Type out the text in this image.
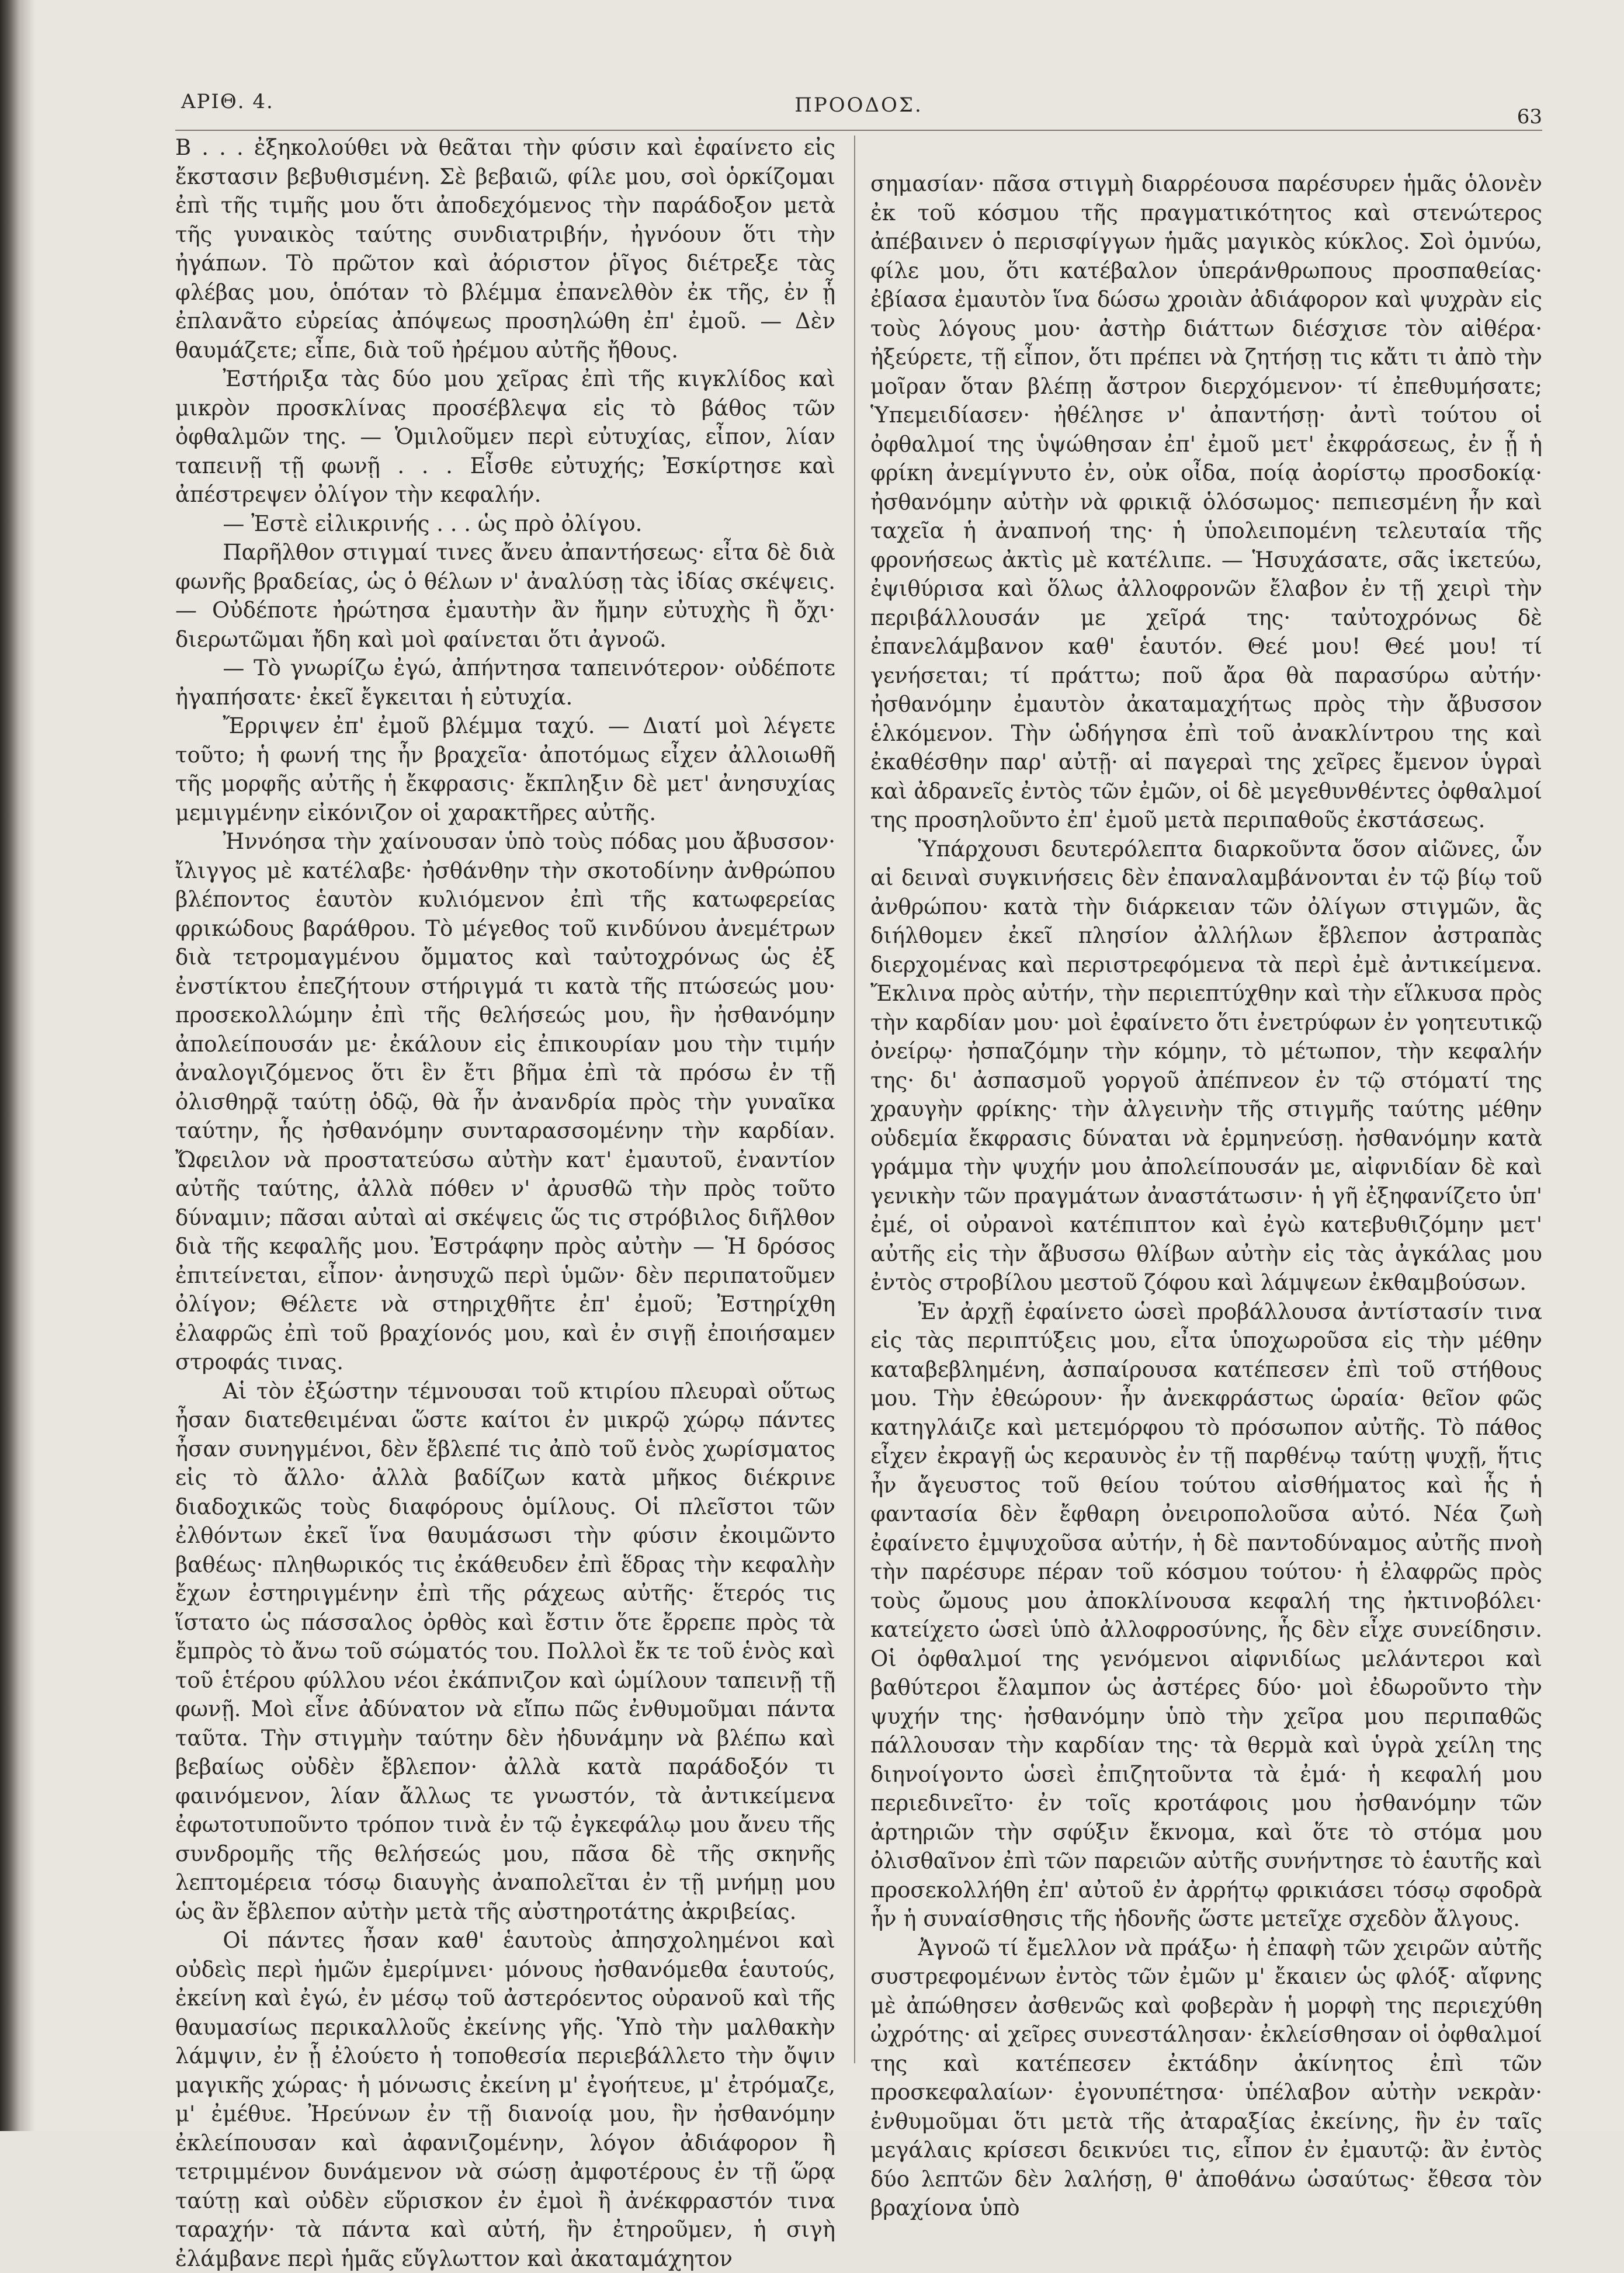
ΑΡΙΘ. 4.	ΠΡΟΟΔΟΣ.	63

Β . . . ἐξηκολούθει νὰ θεᾶται τὴν φύσιν καὶ ἐφαίνετο εἰς ἔκστασιν βεβυθισμένη. Σὲ βεβαιῶ, φίλε μου, σοὶ ὁρκίζομαι ἐπὶ τῆς τιμῆς μου ὅτι ἀποδεχόμενος τὴν παράδοξον μετὰ τῆς γυναικὸς ταύτης συνδιατριβήν, ἠγνόουν ὅτι τὴν ἠγάπων. Τὸ πρῶτον καὶ ἀόριστον ῥῖγος διέτρεξε τὰς φλέβας μου, ὁπόταν τὸ βλέμμα ἐπανελθὸν ἐκ τῆς, ἐν ᾗ ἐπλανᾶτο εὐρείας ἀπόψεως προσηλώθη ἐπ' ἐμοῦ. — Δὲν θαυμάζετε; εἶπε, διὰ τοῦ ἠρέμου αὐτῆς ἤθους.

Ἐστήριξα τὰς δύο μου χεῖρας ἐπὶ τῆς κιγκλίδος καὶ μικρὸν προσκλίνας προσέβλεψα εἰς τὸ βάθος τῶν ὀφθαλμῶν της. — Ὁμιλοῦμεν περὶ εὐτυχίας, εἶπον, λίαν ταπεινῇ τῇ φωνῇ . . . Εἶσθε εὐτυχής; Ἐσκίρτησε καὶ ἀπέστρεψεν ὀλίγον τὴν κεφαλήν.

— Ἐστὲ εἰλικρινής . . . ὡς πρὸ ὀλίγου.

Παρῆλθον στιγμαί τινες ἄνευ ἀπαντήσεως· εἶτα δὲ διὰ φωνῆς βραδείας, ὡς ὁ θέλων ν' ἀναλύσῃ τὰς ἰδίας σκέψεις. — Οὐδέποτε ἠρώτησα ἐμαυτὴν ἂν ἤμην εὐτυχὴς ἢ ὄχι· διερωτῶμαι ἤδη καὶ μοὶ φαίνεται ὅτι ἀγνοῶ.

— Τὸ γνωρίζω ἐγώ, ἀπήντησα ταπεινότερον· οὐδέποτε ἠγαπήσατε· ἐκεῖ ἔγκειται ἡ εὐτυχία.

Ἔρριψεν ἐπ' ἐμοῦ βλέμμα ταχύ. — Διατί μοὶ λέγετε τοῦτο; ἡ φωνή της ἦν βραχεῖα· ἀποτόμως εἶχεν ἀλλοιωθῆ τῆς μορφῆς αὐτῆς ἡ ἔκφρασις· ἔκπληξιν δὲ μετ' ἀνησυχίας μεμιγμένην εἰκόνιζον οἱ χαρακτῆρες αὐτῆς.

Ἠννόησα τὴν χαίνουσαν ὑπὸ τοὺς πόδας μου ἄβυσσον· ἴλιγγος μὲ κατέλαβε· ἠσθάνθην τὴν σκοτοδίνην ἀνθρώπου βλέποντος ἑαυτὸν κυλιόμενον ἐπὶ τῆς κατωφερείας φρικώδους βαράθρου. Τὸ μέγεθος τοῦ κινδύνου ἀνεμέτρων διὰ τετρομαγμένου ὄμματος καὶ ταὐτοχρόνως ὡς ἐξ ἐνστίκτου ἐπεζήτουν στήριγμά τι κατὰ τῆς πτώσεώς μου· προσεκολλώμην ἐπὶ τῆς θελήσεώς μου, ἣν ἠσθανόμην ἀπολείπουσάν με· ἐκάλουν εἰς ἐπικουρίαν μου τὴν τιμήν ἀναλογιζόμενος ὅτι ἓν ἔτι βῆμα ἐπὶ τὰ πρόσω ἐν τῇ ὀλισθηρᾷ ταύτῃ ὁδῷ, θὰ ἦν ἀνανδρία πρὸς τὴν γυναῖκα ταύτην, ἧς ἠσθανόμην συνταρασσομένην τὴν καρδίαν. Ὤφειλον νὰ προστατεύσω αὐτὴν κατ' ἐμαυτοῦ, ἐναντίον αὐτῆς ταύτης, ἀλλὰ πόθεν ν' ἀρυσθῶ τὴν πρὸς τοῦτο δύναμιν; πᾶσαι αὐταὶ αἱ σκέψεις ὥς τις στρόβιλος διῆλθον διὰ τῆς κεφαλῆς μου. Ἐστράφην πρὸς αὐτὴν — Ἡ δρόσος ἐπιτείνεται, εἶπον· ἀνησυχῶ περὶ ὑμῶν· δὲν περιπατοῦμεν ὀλίγον; Θέλετε νὰ στηριχθῆτε ἐπ' ἐμοῦ; Ἐστηρίχθη ἐλαφρῶς ἐπὶ τοῦ βραχίονός μου, καὶ ἐν σιγῇ ἐποιήσαμεν στροφάς τινας.

Αἱ τὸν ἐξώστην τέμνουσαι τοῦ κτιρίου πλευραὶ οὕτως ἦσαν διατεθειμέναι ὥστε καίτοι ἐν μικρῷ χώρῳ πάντες ἦσαν συνηγμένοι, δὲν ἔβλεπέ τις ἀπὸ τοῦ ἑνὸς χωρίσματος εἰς τὸ ἄλλο· ἀλλὰ βαδίζων κατὰ μῆκος διέκρινε διαδοχικῶς τοὺς διαφόρους ὁμίλους. Οἱ πλεῖστοι τῶν ἐλθόντων ἐκεῖ ἵνα θαυμάσωσι τὴν φύσιν ἐκοιμῶντο βαθέως· πληθωρικός τις ἐκάθευδεν ἐπὶ ἕδρας τὴν κεφαλὴν ἔχων ἐστηριγμένην ἐπὶ τῆς ράχεως αὐτῆς· ἕτερός τις ἵστατο ὡς πάσσαλος ὀρθὸς καὶ ἔστιν ὅτε ἔρρεπε πρὸς τὰ ἔμπρὸς τὸ ἄνω τοῦ σώματός του. Πολλοὶ ἔκ τε τοῦ ἑνὸς καὶ τοῦ ἑτέρου φύλλου νέοι ἐκάπνιζον καὶ ὡμίλουν ταπεινῇ τῇ φωνῇ. Μοὶ εἶνε ἀδύνατον νὰ εἴπω πῶς ἐνθυμοῦμαι πάντα ταῦτα. Τὴν στιγμὴν ταύτην δὲν ἠδυνάμην νὰ βλέπω καὶ βεβαίως οὐδὲν ἔβλεπον· ἀλλὰ κατὰ παράδοξόν τι φαινόμενον, λίαν ἄλλως τε γνωστόν, τὰ ἀντικείμενα ἐφωτοτυποῦντο τρόπον τινὰ ἐν τῷ ἐγκεφάλῳ μου ἄνευ τῆς συνδρομῆς τῆς θελήσεώς μου, πᾶσα δὲ τῆς σκηνῆς λεπτομέρεια τόσῳ διαυγὴς ἀναπολεῖται ἐν τῇ μνήμῃ μου ὡς ἂν ἔβλεπον αὐτὴν μετὰ τῆς αὐστηροτάτης ἀκριβείας.

Οἱ πάντες ἦσαν καθ' ἑαυτοὺς ἀπησχολημένοι καὶ οὐδεὶς περὶ ἡμῶν ἐμερίμνει· μόνους ἠσθανόμεθα ἑαυτούς, ἐκείνη καὶ ἐγώ, ἐν μέσῳ τοῦ ἀστερόεντος οὐρανοῦ καὶ τῆς θαυμασίως περικαλλοῦς ἐκείνης γῆς. Ὑπὸ τὴν μαλθακὴν λάμψιν, ἐν ᾗ ἐλούετο ἡ τοποθεσία περιεβάλλετο τὴν ὄψιν μαγικῆς χώρας· ἡ μόνωσις ἐκείνη μ' ἐγοήτευε, μ' ἐτρόμαζε, μ' ἐμέθυε. Ἠρεύνων ἐν τῇ διανοίᾳ μου, ἣν ἠσθανόμην ἐκλείπουσαν καὶ ἀφανιζομένην, λόγον ἀδιάφορον ἢ τετριμμένον δυνάμενον νὰ σώσῃ ἀμφοτέρους ἐν τῇ ὥρᾳ ταύτῃ καὶ οὐδὲν εὕρισκον ἐν ἐμοὶ ἢ ἀνέκφραστόν τινα ταραχήν· τὰ πάντα καὶ αὐτή, ἣν ἐτηροῦμεν, ἡ σιγὴ ἐλάμβανε περὶ ἡμᾶς εὔγλωττον καὶ ἀκαταμάχητον

σημασίαν· πᾶσα στιγμὴ διαρρέουσα παρέσυρεν ἡμᾶς ὁλονὲν ἐκ τοῦ κόσμου τῆς πραγματικότητος καὶ στενώτερος ἀπέβαινεν ὁ περισφίγγων ἡμᾶς μαγικὸς κύκλος. Σοὶ ὀμνύω, φίλε μου, ὅτι κατέβαλον ὑπεράνθρωπους προσπαθείας· ἐβίασα ἐμαυτὸν ἵνα δώσω χροιὰν ἀδιάφορον καὶ ψυχρὰν εἰς τοὺς λόγους μου· ἀστὴρ διάττων διέσχισε τὸν αἰθέρα· ἠξεύρετε, τῇ εἶπον, ὅτι πρέπει νὰ ζητήσῃ τις κἄτι τι ἀπὸ τὴν μοῖραν ὅταν βλέπῃ ἄστρον διερχόμενον· τί ἐπεθυμήσατε; Ὑπεμειδίασεν· ἠθέλησε ν' ἀπαντήσῃ· ἀντὶ τούτου οἱ ὀφθαλμοί της ὑψώθησαν ἐπ' ἐμοῦ μετ' ἐκφράσεως, ἐν ᾗ ἡ φρίκη ἀνεμίγνυτο ἐν, οὐκ οἶδα, ποίᾳ ἀορίστῳ προσδοκίᾳ· ἠσθανόμην αὐτὴν νὰ φρικιᾷ ὁλόσωμος· πεπιεσμένη ἦν καὶ ταχεῖα ἡ ἀναπνοή της· ἡ ὑπολειπομένη τελευταία τῆς φρονήσεως ἀκτὶς μὲ κατέλιπε. — Ἡσυχάσατε, σᾶς ἱκετεύω, ἐψιθύρισα καὶ ὅλως ἀλλοφρονῶν ἔλαβον ἐν τῇ χειρὶ τὴν περιβάλλουσάν με χεῖρά της· ταὐτοχρόνως δὲ ἐπανελάμβανον καθ' ἑαυτόν. Θεέ μου! Θεέ μου! τί γενήσεται; τί πράττω; ποῦ ἄρα θὰ παρασύρω αὐτήν· ἠσθανόμην ἐμαυτὸν ἀκαταμαχήτως πρὸς τὴν ἄβυσσον ἑλκόμενον. Τὴν ὡδήγησα ἐπὶ τοῦ ἀνακλίντρου της καὶ ἐκαθέσθην παρ' αὐτῇ· αἱ παγεραὶ της χεῖρες ἔμενον ὑγραὶ καὶ ἀδρανεῖς ἐντὸς τῶν ἐμῶν, οἱ δὲ μεγεθυνθέντες ὀφθαλμοί της προσηλοῦντο ἐπ' ἐμοῦ μετὰ περιπαθοῦς ἐκστάσεως.

Ὑπάρχουσι δευτερόλεπτα διαρκοῦντα ὅσον αἰῶνες, ὧν αἱ δειναὶ συγκινήσεις δὲν ἐπαναλαμβάνονται ἐν τῷ βίῳ τοῦ ἀνθρώπου· κατὰ τὴν διάρκειαν τῶν ὀλίγων στιγμῶν, ἃς διήλθομεν ἐκεῖ πλησίον ἀλλήλων ἔβλεπον ἀστραπὰς διερχομένας καὶ περιστρεφόμενα τὰ περὶ ἐμὲ ἀντικείμενα. Ἔκλινα πρὸς αὐτήν, τὴν περιεπτύχθην καὶ τὴν εἵλκυσα πρὸς τὴν καρδίαν μου· μοὶ ἐφαίνετο ὅτι ἐνετρύφων ἐν γοητευτικῷ ὀνείρῳ· ἠσπαζόμην τὴν κόμην, τὸ μέτωπον, τὴν κεφαλήν της· δι' ἀσπασμοῦ γοργοῦ ἀπέπνεον ἐν τῷ στόματί της χραυγὴν φρίκης· τὴν ἀλγεινὴν τῆς στιγμῆς ταύτης μέθην οὐδεμία ἔκφρασις δύναται νὰ ἑρμηνεύσῃ. ἠσθανόμην κατὰ γράμμα τὴν ψυχήν μου ἀπολείπουσάν με, αἰφνιδίαν δὲ καὶ γενικὴν τῶν πραγμάτων ἀναστάτωσιν· ἡ γῆ ἐξηφανίζετο ὑπ' ἐμέ, οἱ οὐρανοὶ κατέπιπτον καὶ ἐγὼ κατεβυθιζόμην μετ' αὐτῆς εἰς τὴν ἄβυσσω θλίβων αὐτὴν εἰς τὰς ἀγκάλας μου ἐντὸς στροβίλου μεστοῦ ζόφου καὶ λάμψεων ἐκθαμβούσων.

Ἐν ἀρχῇ ἐφαίνετο ὡσεὶ προβάλλουσα ἀντίστασίν τινα εἰς τὰς περιπτύξεις μου, εἶτα ὑποχωροῦσα εἰς τὴν μέθην καταβεβλημένη, ἀσπαίρουσα κατέπεσεν ἐπὶ τοῦ στήθους μου. Τὴν ἐθεώρουν· ἦν ἀνεκφράστως ὡραία· θεῖον φῶς κατηγλάιζε καὶ μετεμόρφου τὸ πρόσωπον αὐτῆς. Τὸ πάθος εἶχεν ἐκραγῇ ὡς κεραυνὸς ἐν τῇ παρθένῳ ταύτῃ ψυχῇ, ἥτις ἦν ἄγευστος τοῦ θείου τούτου αἰσθήματος καὶ ἧς ἡ φαντασία δὲν ἔφθαρη ὀνειροπολοῦσα αὐτό. Νέα ζωὴ ἐφαίνετο ἐμψυχοῦσα αὐτήν, ἡ δὲ παντοδύναμος αὐτῆς πνοὴ τὴν παρέσυρε πέραν τοῦ κόσμου τούτου· ἡ ἐλαφρῶς πρὸς τοὺς ὤμους μου ἀποκλίνουσα κεφαλή της ἠκτινοβόλει· κατείχετο ὡσεὶ ὑπὸ ἀλλοφροσύνης, ἧς δὲν εἶχε συνείδησιν. Οἱ ὀφθαλμοί της γενόμενοι αἰφνιδίως μελάντεροι καὶ βαθύτεροι ἔλαμπον ὡς ἀστέρες δύο· μοὶ ἐδωροῦντο τὴν ψυχήν της· ἠσθανόμην ὑπὸ τὴν χεῖρα μου περιπαθῶς πάλλουσαν τὴν καρδίαν της· τὰ θερμὰ καὶ ὑγρὰ χείλη της διηνοίγοντο ὡσεὶ ἐπιζητοῦντα τὰ ἐμά· ἡ κεφαλή μου περιεδινεῖτο· ἐν τοῖς κροτάφοις μου ἠσθανόμην τῶν ἀρτηριῶν τὴν σφύξιν ἔκνομα, καὶ ὅτε τὸ στόμα μου ὀλισθαῖνον ἐπὶ τῶν παρειῶν αὐτῆς συνήντησε τὸ ἑαυτῆς καὶ προσεκολλήθη ἐπ' αὐτοῦ ἐν ἀρρήτῳ φρικιάσει τόσῳ σφοδρὰ ἦν ἡ συναίσθησις τῆς ἡδονῆς ὥστε μετεῖχε σχεδὸν ἄλγους.

Ἀγνοῶ τί ἔμελλον νὰ πράξω· ἡ ἐπαφὴ τῶν χειρῶν αὐτῆς συστρεφομένων ἐντὸς τῶν ἐμῶν μ' ἔκαιεν ὡς φλόξ· αἴφνης μὲ ἀπώθησεν ἀσθενῶς καὶ φοβερὰν ἡ μορφὴ της περιεχύθη ὠχρότης· αἱ χεῖρες συνεστάλησαν· ἐκλείσθησαν οἱ ὀφθαλμοί της καὶ κατέπεσεν ἐκτάδην ἀκίνητος ἐπὶ τῶν προσκεφαλαίων· ἐγονυπέτησα· ὑπέλαβον αὐτὴν νεκρὰν· ἐνθυμοῦμαι ὅτι μετὰ τῆς ἀταραξίας ἐκείνης, ἣν ἐν ταῖς μεγάλαις κρίσεσι δεικνύει τις, εἶπον ἐν ἐμαυτῷ: ἂν ἐντὸς δύο λεπτῶν δὲν λαλήσῃ, θ' ἀποθάνω ὡσαύτως· ἔθεσα τὸν βραχίονα ὑπὸ
